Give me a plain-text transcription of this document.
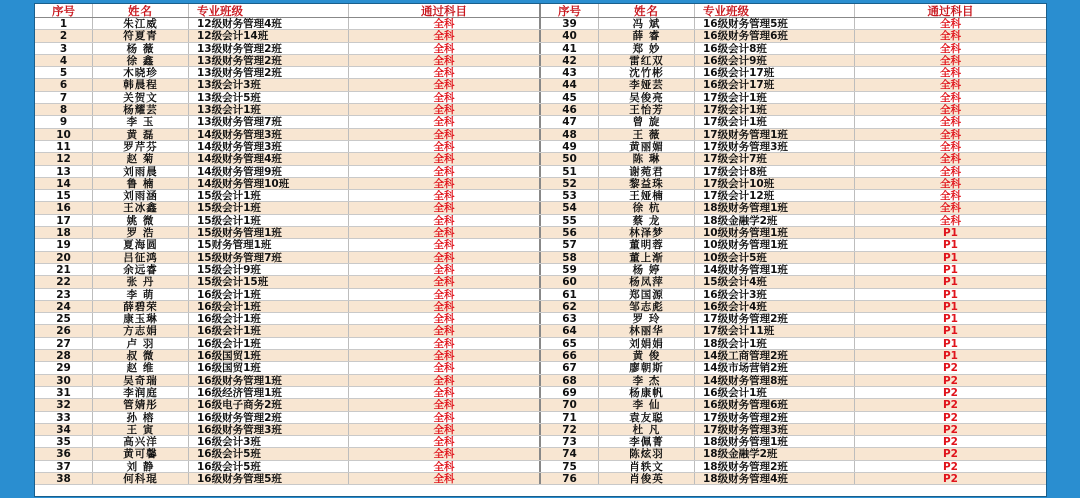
序号	姓名	专业班级	通过科目
1	朱江威	12级财务管理4班	全科
2	符夏青	12级会计14班	全科
3	杨 薇	13级财务管理2班	全科
4	徐 鑫	13级财务管理2班	全科
5	木晓珍	13级财务管理2班	全科
6	韩晨程	13级会计3班	全科
7	关贺文	13级会计5班	全科
8	杨耀芸	13级会计1班	全科
9	李 玉	13级财务管理7班	全科
10	黄 磊	14级财务管理3班	全科
11	罗芹芬	14级财务管理3班	全科
12	赵 菊	14级财务管理4班	全科
13	刘雨晨	14级财务管理9班	全科
14	鲁 楠	14级财务管理10班	全科
15	刘雨涵	15级会计1班	全科
16	王冰鑫	15级会计1班	全科
17	姚 微	15级会计1班	全科
18	罗 浩	15级财务管理1班	全科
19	夏海圆	15财务管理1班	全科
20	吕征鸿	15级财务管理7班	全科
21	余远睿	15级会计9班	全科
22	张 丹	15级会计15班	全科
23	李 萌	16级会计1班	全科
24	薛碧荣	16级会计1班	全科
25	康玉琳	16级会计1班	全科
26	方志娟	16级会计1班	全科
27	卢 羽	16级会计1班	全科
28	叔 微	16级国贸1班	全科
29	赵 维	16级国贸1班	全科
30	吴奇瑞	16级财务管理1班	全科
31	李润庭	16级经济管理1班	全科
32	管婧彤	16级电子商务2班	全科
33	孙 榕	16级财务管理2班	全科
34	王 寅	16级财务管理3班	全科
35	高兴洋	16级会计3班	全科
36	黄可馨	16级会计5班	全科
37	刘 静	16级会计5班	全科
38	何科琨	16级财务管理5班	全科
序号	姓名	专业班级	通过科目
39	冯 斌	16级财务管理5班	全科
40	薛 睿	16级财务管理6班	全科
41	郑 妙	16级会计8班	全科
42	雷红双	16级会计9班	全科
43	沈竹彬	16级会计17班	全科
44	李娅芸	16级会计17班	全科
45	吴俊亮	17级会计1班	全科
46	王怡芳	17级会计1班	全科
47	曾 旋	17级会计1班	全科
48	王 薇	17级财务管理1班	全科
49	黄丽媚	17级财务管理3班	全科
50	陈 琳	17级会计7班	全科
51	谢菀君	17级会计8班	全科
52	黎益珠	17级会计10班	全科
53	王娅楠	17级会计12班	全科
54	徐 杭	18级财务管理1班	全科
55	蔡 龙	18级金融学2班	全科
56	林泽梦	10级财务管理1班	P1
57	董明蓉	10级财务管理1班	P1
58	董上渐	10级会计5班	P1
59	杨 婷	14级财务管理1班	P1
60	杨凤萍	15级会计4班	P1
61	郑国源	16级会计3班	P1
62	邹志彪	16级会计4班	P1
63	罗 玲	17级财务管理2班	P1
64	林丽华	17级会计11班	P1
65	刘娟娟	18级会计1班	P1
66	黄 俊	14级工商管理2班	P1
67	廖朝斯	14级市场营销2班	P2
68	李 杰	14级财务管理8班	P2
69	杨康帆	16级会计1班	P2
70	李 仙	16级财务管理6班	P2
71	袁友聪	17级财务管理2班	P2
72	杜 凡	17级财务管理3班	P2
73	李佩菁	18级财务管理1班	P2
74	陈炫羽	18级金融学2班	P2
75	肖轶文	18级财务管理2班	P2
76	肖俊英	18级财务管理4班	P2
